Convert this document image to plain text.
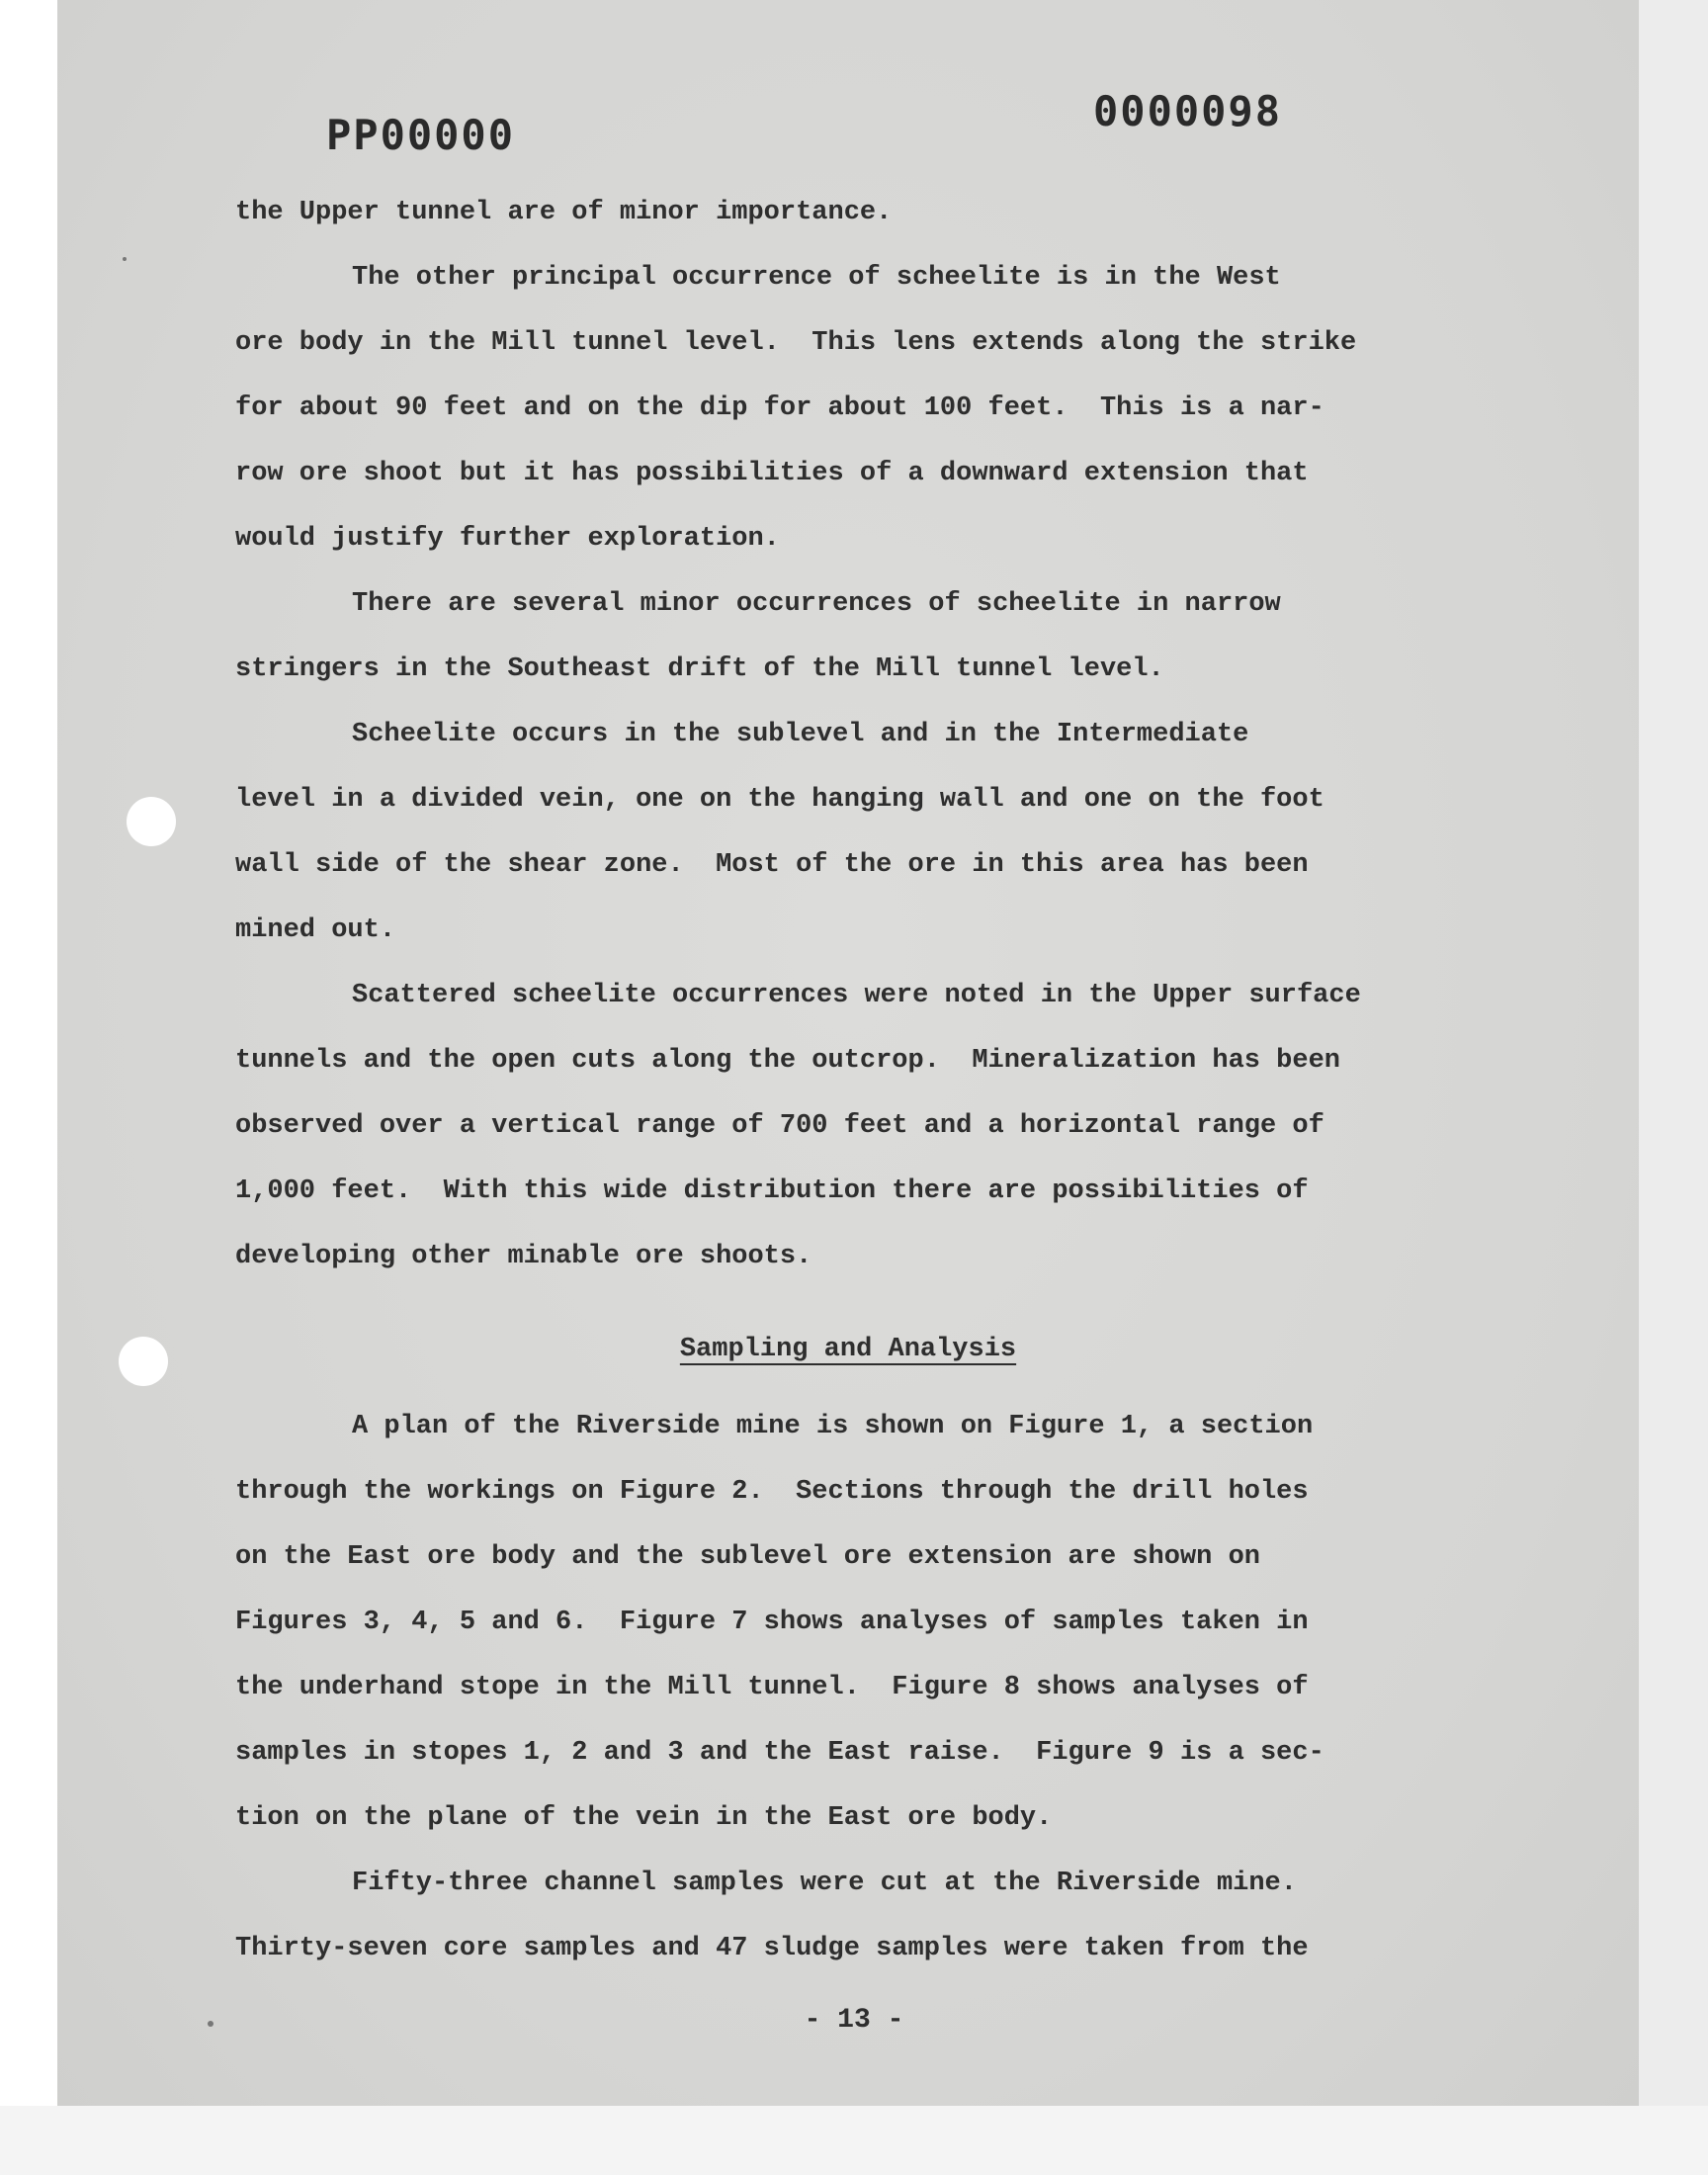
PP00000	0000098
the Upper tunnel are of minor importance.
The other principal occurrence of scheelite is in the West
ore body in the Mill tunnel level.  This lens extends along the strike
for about 90 feet and on the dip for about 100 feet.  This is a nar-
row ore shoot but it has possibilities of a downward extension that
would justify further exploration.
There are several minor occurrences of scheelite in narrow
stringers in the Southeast drift of the Mill tunnel level.
Scheelite occurs in the sublevel and in the Intermediate
level in a divided vein, one on the hanging wall and one on the foot
wall side of the shear zone.  Most of the ore in this area has been
mined out.
Scattered scheelite occurrences were noted in the Upper surface
tunnels and the open cuts along the outcrop.  Mineralization has been
observed over a vertical range of 700 feet and a horizontal range of
1,000 feet.  With this wide distribution there are possibilities of
developing other minable ore shoots.
Sampling and Analysis
A plan of the Riverside mine is shown on Figure 1, a section
through the workings on Figure 2.  Sections through the drill holes
on the East ore body and the sublevel ore extension are shown on
Figures 3, 4, 5 and 6.  Figure 7 shows analyses of samples taken in
the underhand stope in the Mill tunnel.  Figure 8 shows analyses of
samples in stopes 1, 2 and 3 and the East raise.  Figure 9 is a sec-
tion on the plane of the vein in the East ore body.
Fifty-three channel samples were cut at the Riverside mine.
Thirty-seven core samples and 47 sludge samples were taken from the
- 13 -
